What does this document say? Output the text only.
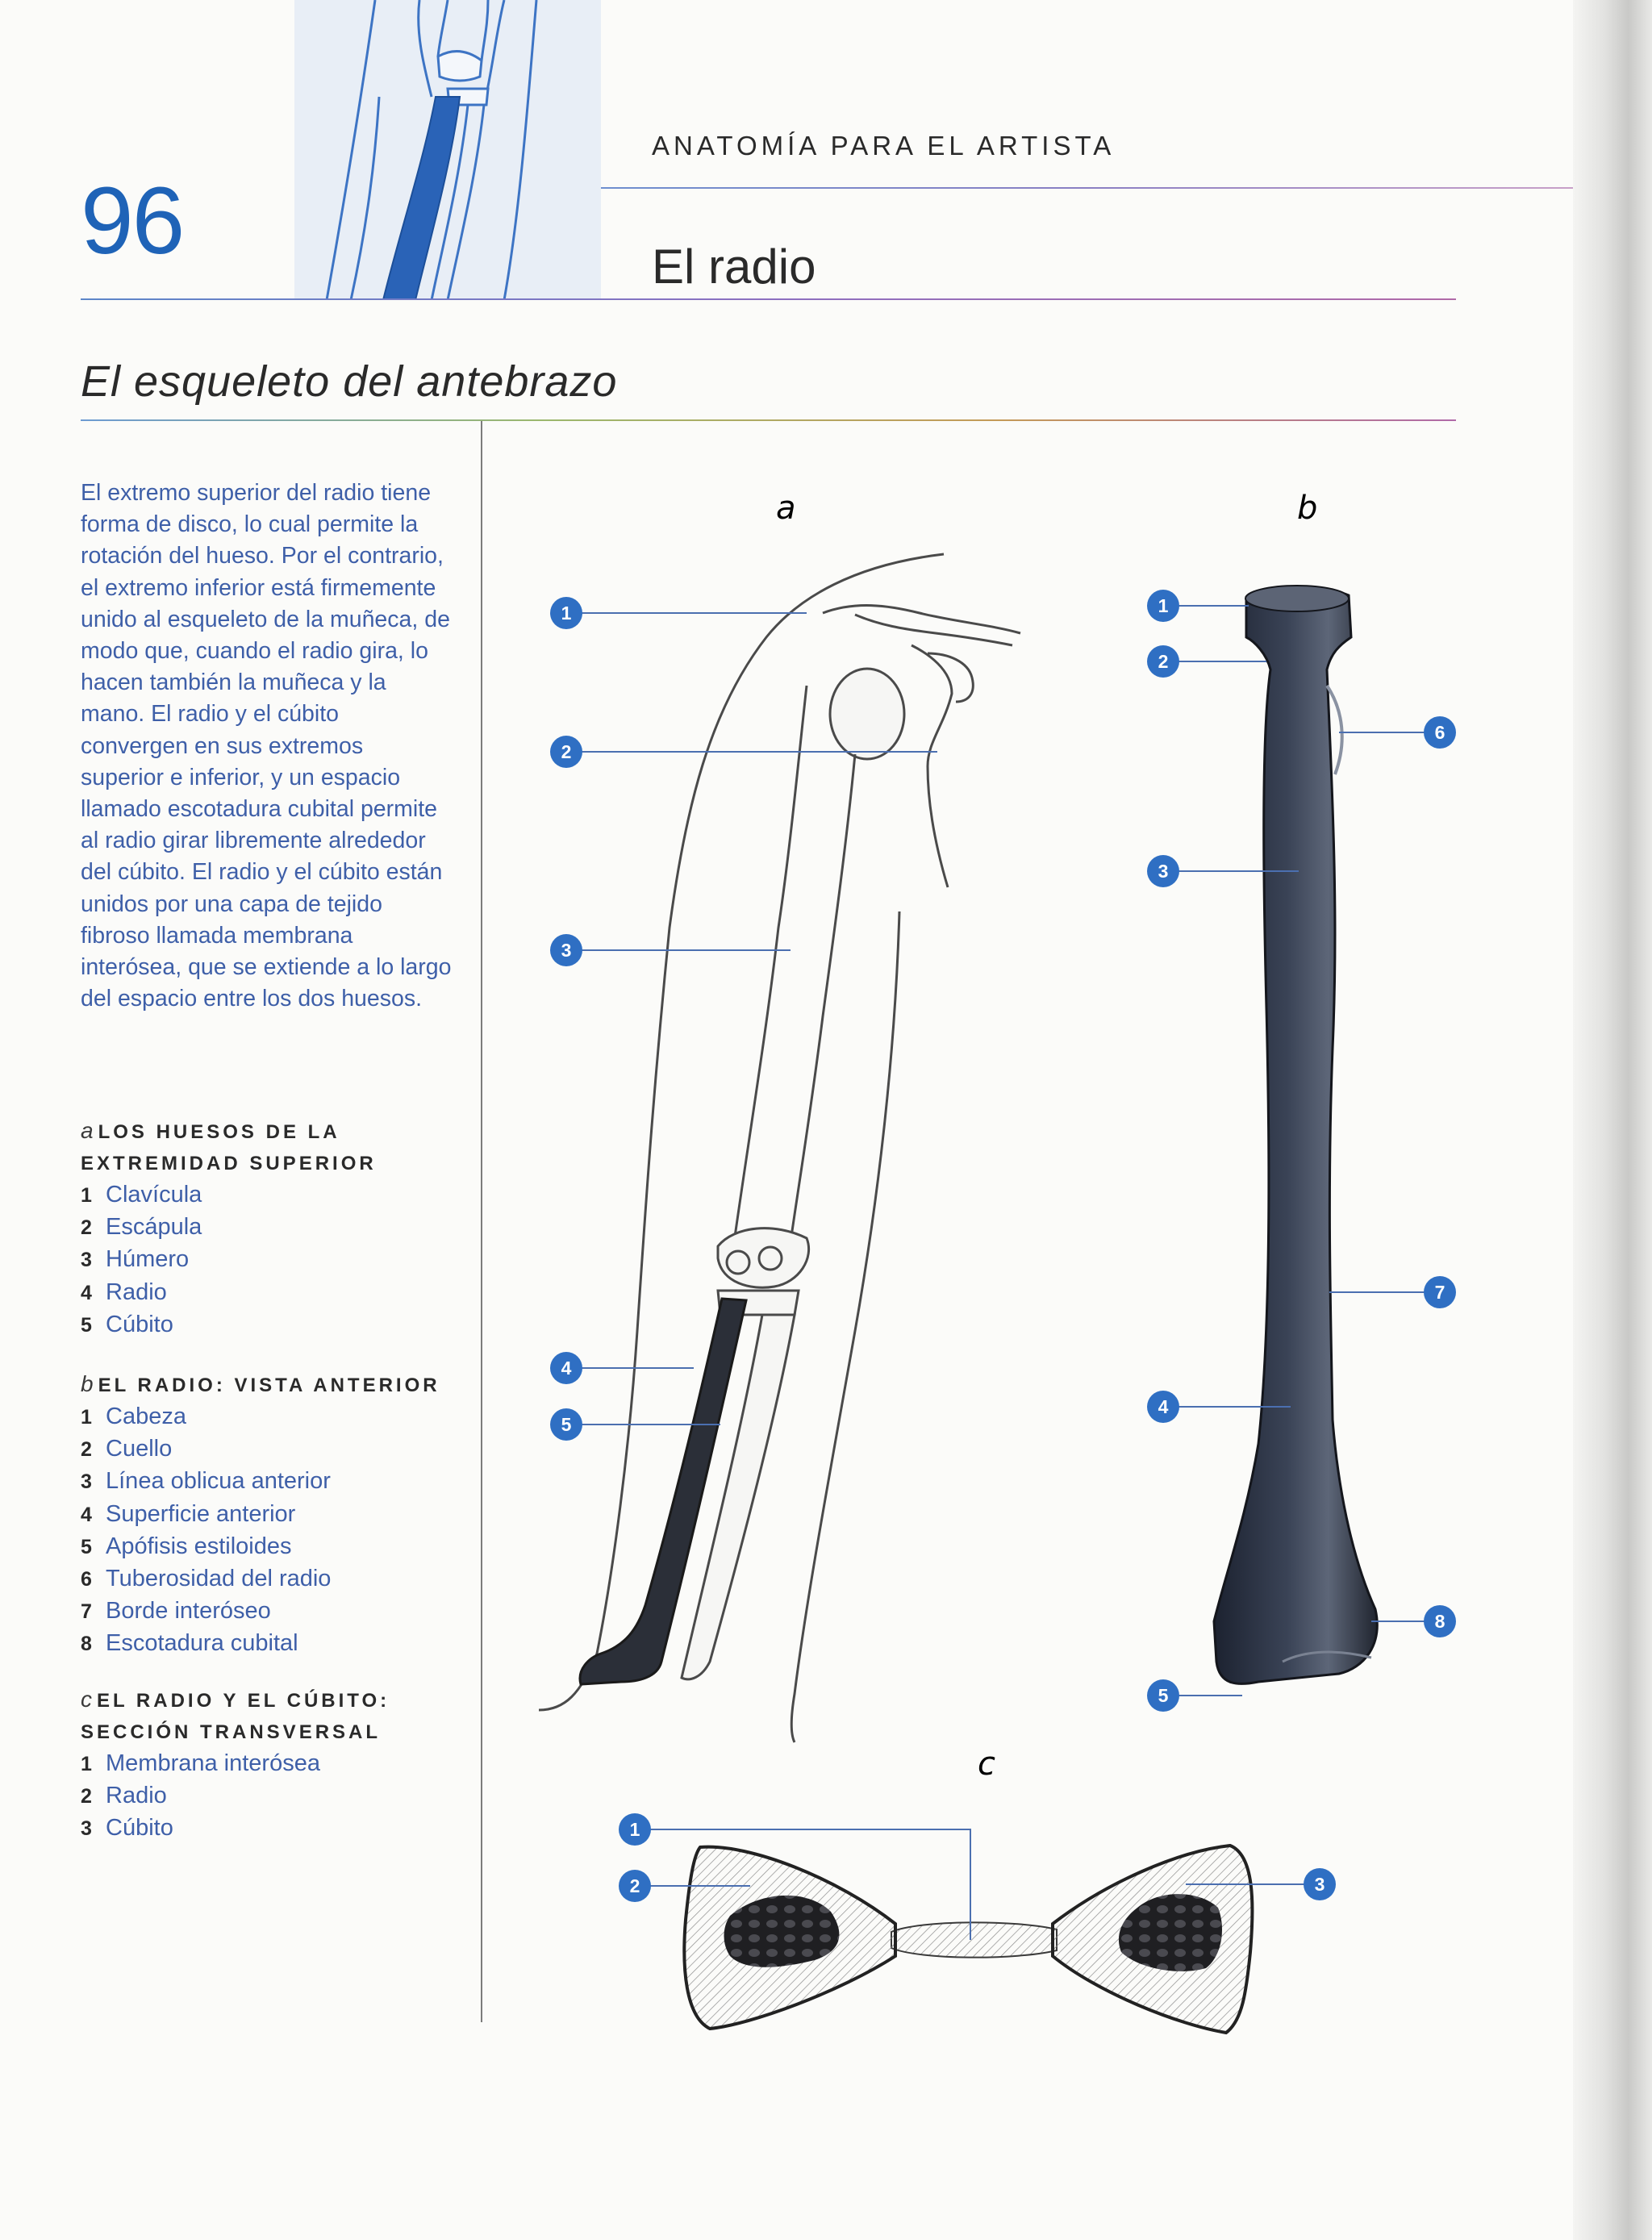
96
ANATOMÍA PARA EL ARTISTA
El radio
El esqueleto del antebrazo

El extremo superior del radio tiene forma de disco, lo cual permite la rotación del hueso. Por el contrario, el extremo inferior está firmemente unido al esqueleto de la muñeca, de modo que, cuando el radio gira, lo hacen también la muñeca y la mano. El radio y el cúbito convergen en sus extremos superior e inferior, y un espacio llamado escotadura cubital permite al radio girar libremente alrededor del cúbito. El radio y el cúbito están unidos por una capa de tejido fibroso llamada membrana interósea, que se extiende a lo largo del espacio entre los dos huesos.

a LOS HUESOS DE LA EXTREMIDAD SUPERIOR
1 Clavícula
2 Escápula
3 Húmero
4 Radio
5 Cúbito
b EL RADIO: VISTA ANTERIOR
1 Cabeza
2 Cuello
3 Línea oblicua anterior
4 Superficie anterior
5 Apófisis estiloides
6 Tuberosidad del radio
7 Borde interóseo
8 Escotadura cubital
c EL RADIO Y EL CÚBITO: SECCIÓN TRANSVERSAL
1 Membrana interósea
2 Radio
3 Cúbito
a	b
c
1
2
3
4
5
1
2
3
4
5
6
7
8
1
2	3
